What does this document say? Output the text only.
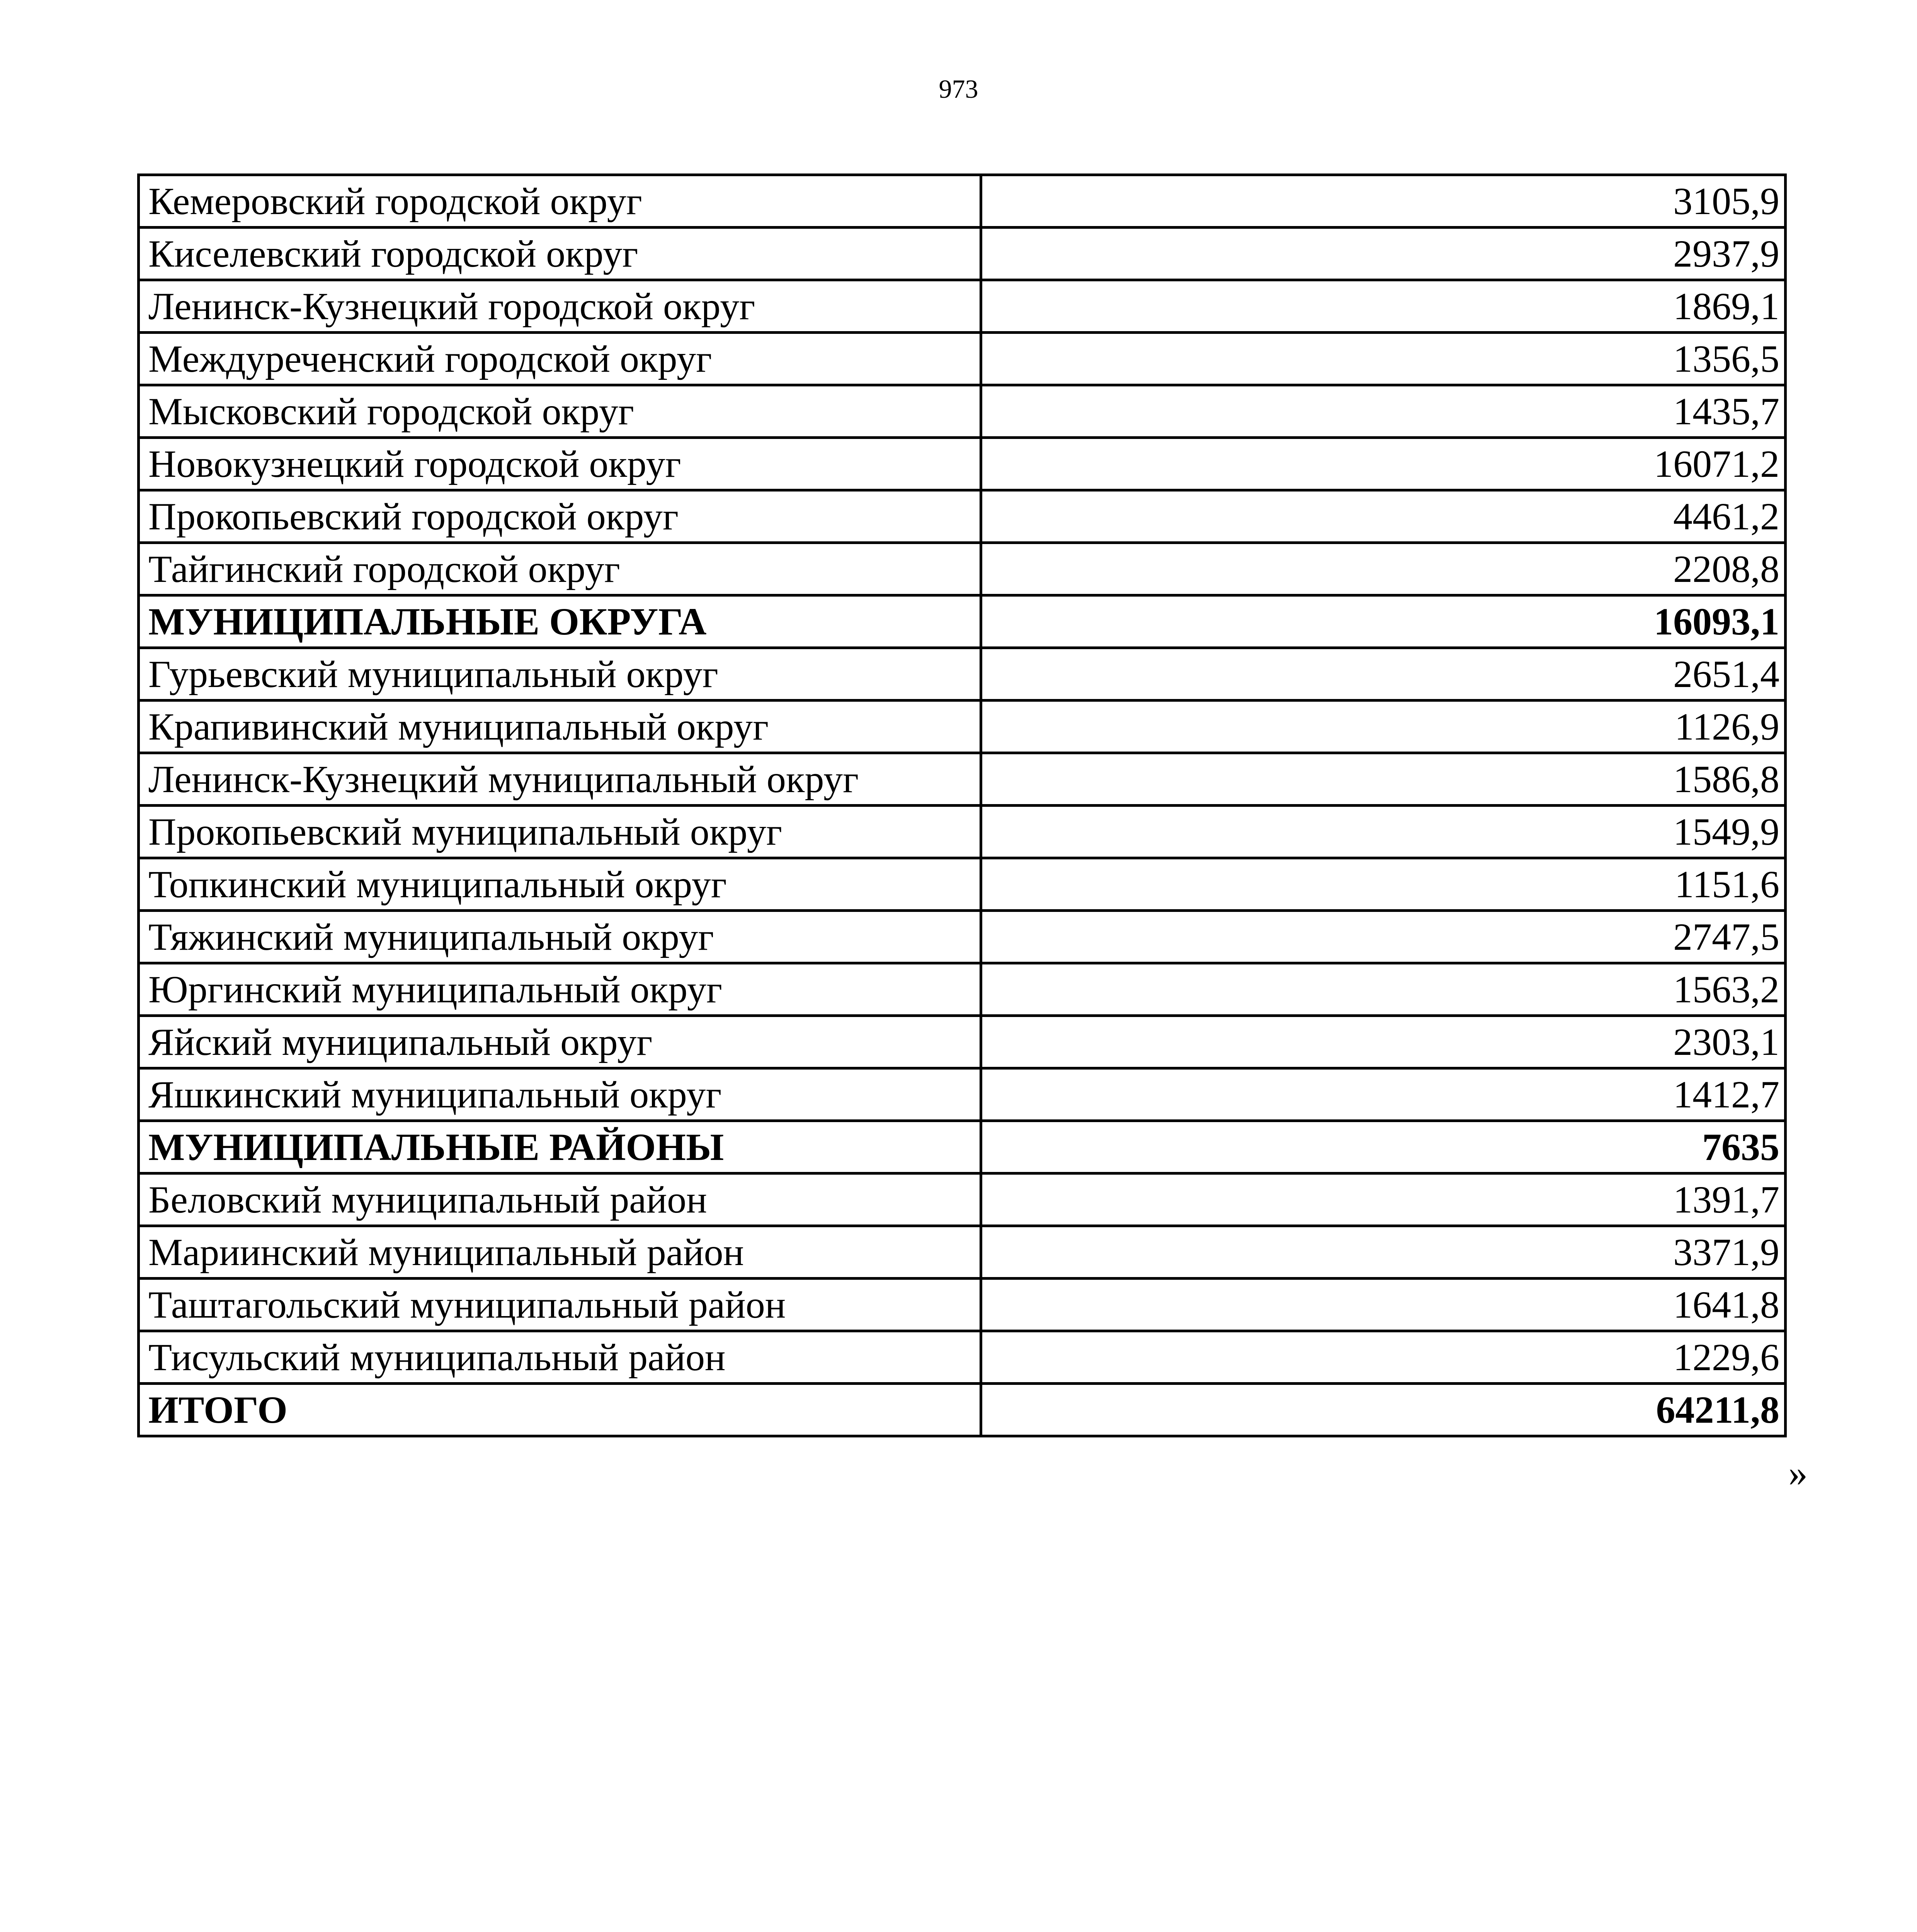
973
Кемеровский городской округ	3105,9
Киселевский городской округ	2937,9
Ленинск-Кузнецкий городской округ	1869,1
Междуреченский городской округ	1356,5
Мысковский городской округ	1435,7
Новокузнецкий городской округ	16071,2
Прокопьевский городской округ	4461,2
Тайгинский городской округ	2208,8
МУНИЦИПАЛЬНЫЕ ОКРУГА	16093,1
Гурьевский муниципальный округ	2651,4
Крапивинский муниципальный округ	1126,9
Ленинск-Кузнецкий муниципальный округ	1586,8
Прокопьевский муниципальный округ	1549,9
Топкинский муниципальный округ	1151,6
Тяжинский муниципальный округ	2747,5
Юргинский муниципальный округ	1563,2
Яйский муниципальный округ	2303,1
Яшкинский муниципальный округ	1412,7
МУНИЦИПАЛЬНЫЕ РАЙОНЫ	7635
Беловский муниципальный район	1391,7
Мариинский муниципальный район	3371,9
Таштагольский муниципальный район	1641,8
Тисульский муниципальный район	1229,6
ИТОГО	64211,8
»
